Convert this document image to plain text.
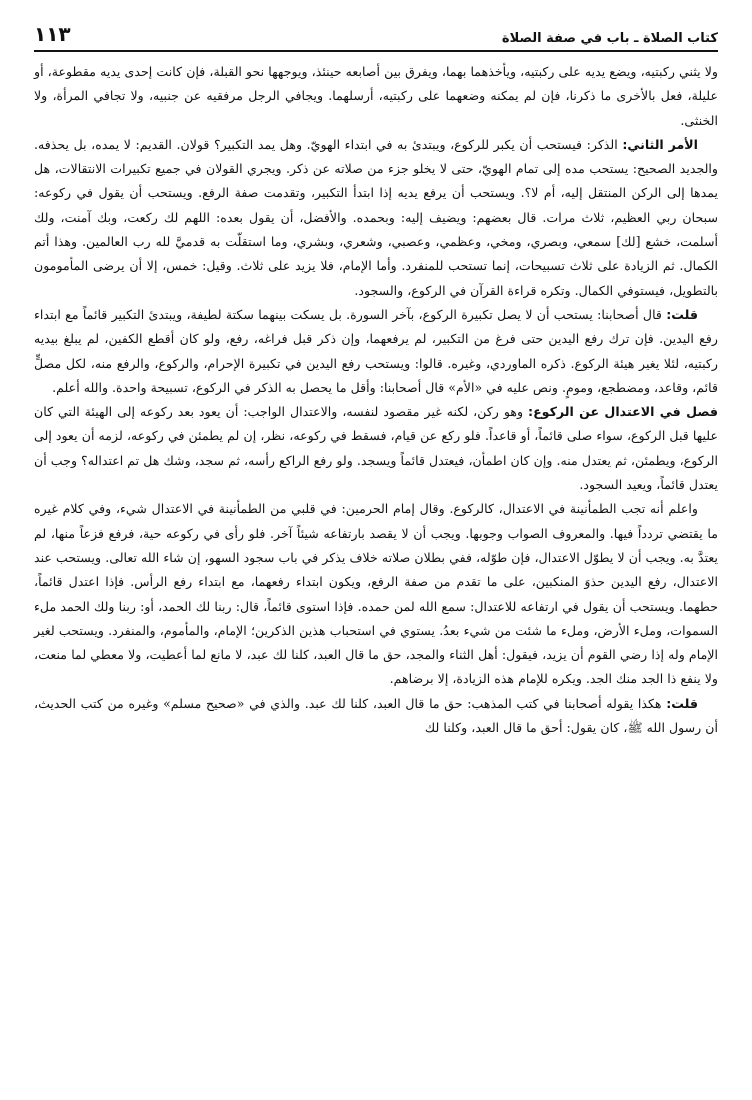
كتاب الصلاة ـ باب في صفة الصلاة
١١٣

ولا يثني ركبتيه، ويضع يديه على ركبتيه، ويأخذهما بهما، ويفرق بين أصابعه حينئذ، ويوجهها نحو القبلة، فإن كانت إحدى يديه مقطوعة، أو عليلة، فعل بالأخرى ما ذكرنا، فإن لم يمكنه وضعهما على ركبتيه، أرسلهما. ويجافي الرجل مرفقيه عن جنبيه، ولا تجافي المرأة، ولا الخنثى.

الأمر الثاني: الذكر: فيستحب أن يكبر للركوع، ويبتدئ به في ابتداء الهويّ. وهل يمد التكبير؟ قولان. القديم: لا يمده، بل يحذفه. والجديد الصحيح: يستحب مده إلى تمام الهويّ، حتى لا يخلو جزء من صلاته عن ذكر. ويجري القولان في جميع تكبيرات الانتقالات، هل يمدها إلى الركن المنتقل إليه، أم لا؟. ويستحب أن يرفع يديه إذا ابتدأ التكبير، وتقدمت صفة الرفع. ويستحب أن يقول في ركوعه: سبحان ربي العظيم، ثلاث مرات. قال بعضهم: ويضيف إليه: وبحمده. والأفضل، أن يقول بعده: اللهم لك ركعت، وبك آمنت، ولك أسلمت، خشع [لك] سمعي، وبصري، ومخي، وعظمي، وعصبي، وشعري، وبشري، وما استقلّت به قدميَّ لله رب العالمين. وهذا أتم الكمال. ثم الزيادة على ثلاث تسبيحات، إنما تستحب للمنفرد. وأما الإمام، فلا يزيد على ثلاث. وقيل: خمس، إلا أن يرضى المأمومون بالتطويل، فيستوفي الكمال. وتكره قراءة القرآن في الركوع، والسجود.

قلت: قال أصحابنا: يستحب أن لا يصل تكبيرة الركوع، بآخر السورة. بل يسكت بينهما سكتة لطيفة، ويبتدئ التكبير قائماً مع ابتداء رفع اليدين. فإن ترك رفع اليدين حتى فرغ من التكبير، لم يرفعهما، وإن ذكر قبل فراغه، رفع، ولو كان أقطع الكفين، لم يبلغ بيديه ركبتيه، لئلا يغير هيئة الركوع. ذكره الماوردي، وغيره. قالوا: ويستحب رفع اليدين في تكبيرة الإحرام، والركوع، والرفع منه، لكل مصلٍّ قائم، وقاعد، ومضطجع، ومومٍ. ونص عليه في «الأم» قال أصحابنا: وأقل ما يحصل به الذكر في الركوع، تسبيحة واحدة. والله أعلم.

فصل في الاعتدال عن الركوع: وهو ركن، لكنه غير مقصود لنفسه، والاعتدال الواجب: أن يعود بعد ركوعه إلى الهيئة التي كان عليها قبل الركوع، سواء صلى قائماً، أو قاعداً. فلو ركع عن قيام، فسقط في ركوعه، نظر، إن لم يطمئن في ركوعه، لزمه أن يعود إلى الركوع، ويطمئن، ثم يعتدل منه. وإن كان اطمأن، فيعتدل قائماً ويسجد. ولو رفع الراكع رأسه، ثم سجد، وشك هل تم اعتداله؟ وجب أن يعتدل قائماً، ويعيد السجود.

واعلم أنه تجب الطمأنينة في الاعتدال، كالركوع. وقال إمام الحرمين: في قلبي من الطمأنينة في الاعتدال شيء، وفي كلام غيره ما يقتضي تردداً فيها. والمعروف الصواب وجوبها. ويجب أن لا يقصد بارتفاعه شيئاً آخر. فلو رأى في ركوعه حية، فرفع فزعاً منها، لم يعتدَّ به. ويجب أن لا يطوّل الاعتدال، فإن طوّله، ففي بطلان صلاته خلاف يذكر في باب سجود السهو، إن شاء الله تعالى. ويستحب عند الاعتدال، رفع اليدين حذوَ المنكبين، على ما تقدم من صفة الرفع، ويكون ابتداء رفعهما، مع ابتداء رفع الرأس. فإذا اعتدل قائماً، حطهما. ويستحب أن يقول في ارتفاعه للاعتدال: سمع الله لمن حمده. فإذا استوى قائماً، قال: ربنا لك الحمد، أو: ربنا ولك الحمد ملء السموات، وملء الأرض، وملء ما شئت من شيء بعدُ. يستوي في استحباب هذين الذكرين؛ الإمام، والمأموم، والمنفرد. ويستحب لغير الإمام وله إذا رضي القوم أن يزيد، فيقول: أهل الثناء والمجد، حق ما قال العبد، كلنا لك عبد، لا مانع لما أعطيت، ولا معطي لما منعت، ولا ينفع ذا الجد منك الجد. ويكره للإمام هذه الزيادة، إلا برضاهم.

قلت: هكذا يقوله أصحابنا في كتب المذهب: حق ما قال العبد، كلنا لك عبد. والذي في «صحيح مسلم» وغيره من كتب الحديث، أن رسول الله ﷺ، كان يقول: أحق ما قال العبد، وكلنا لك
